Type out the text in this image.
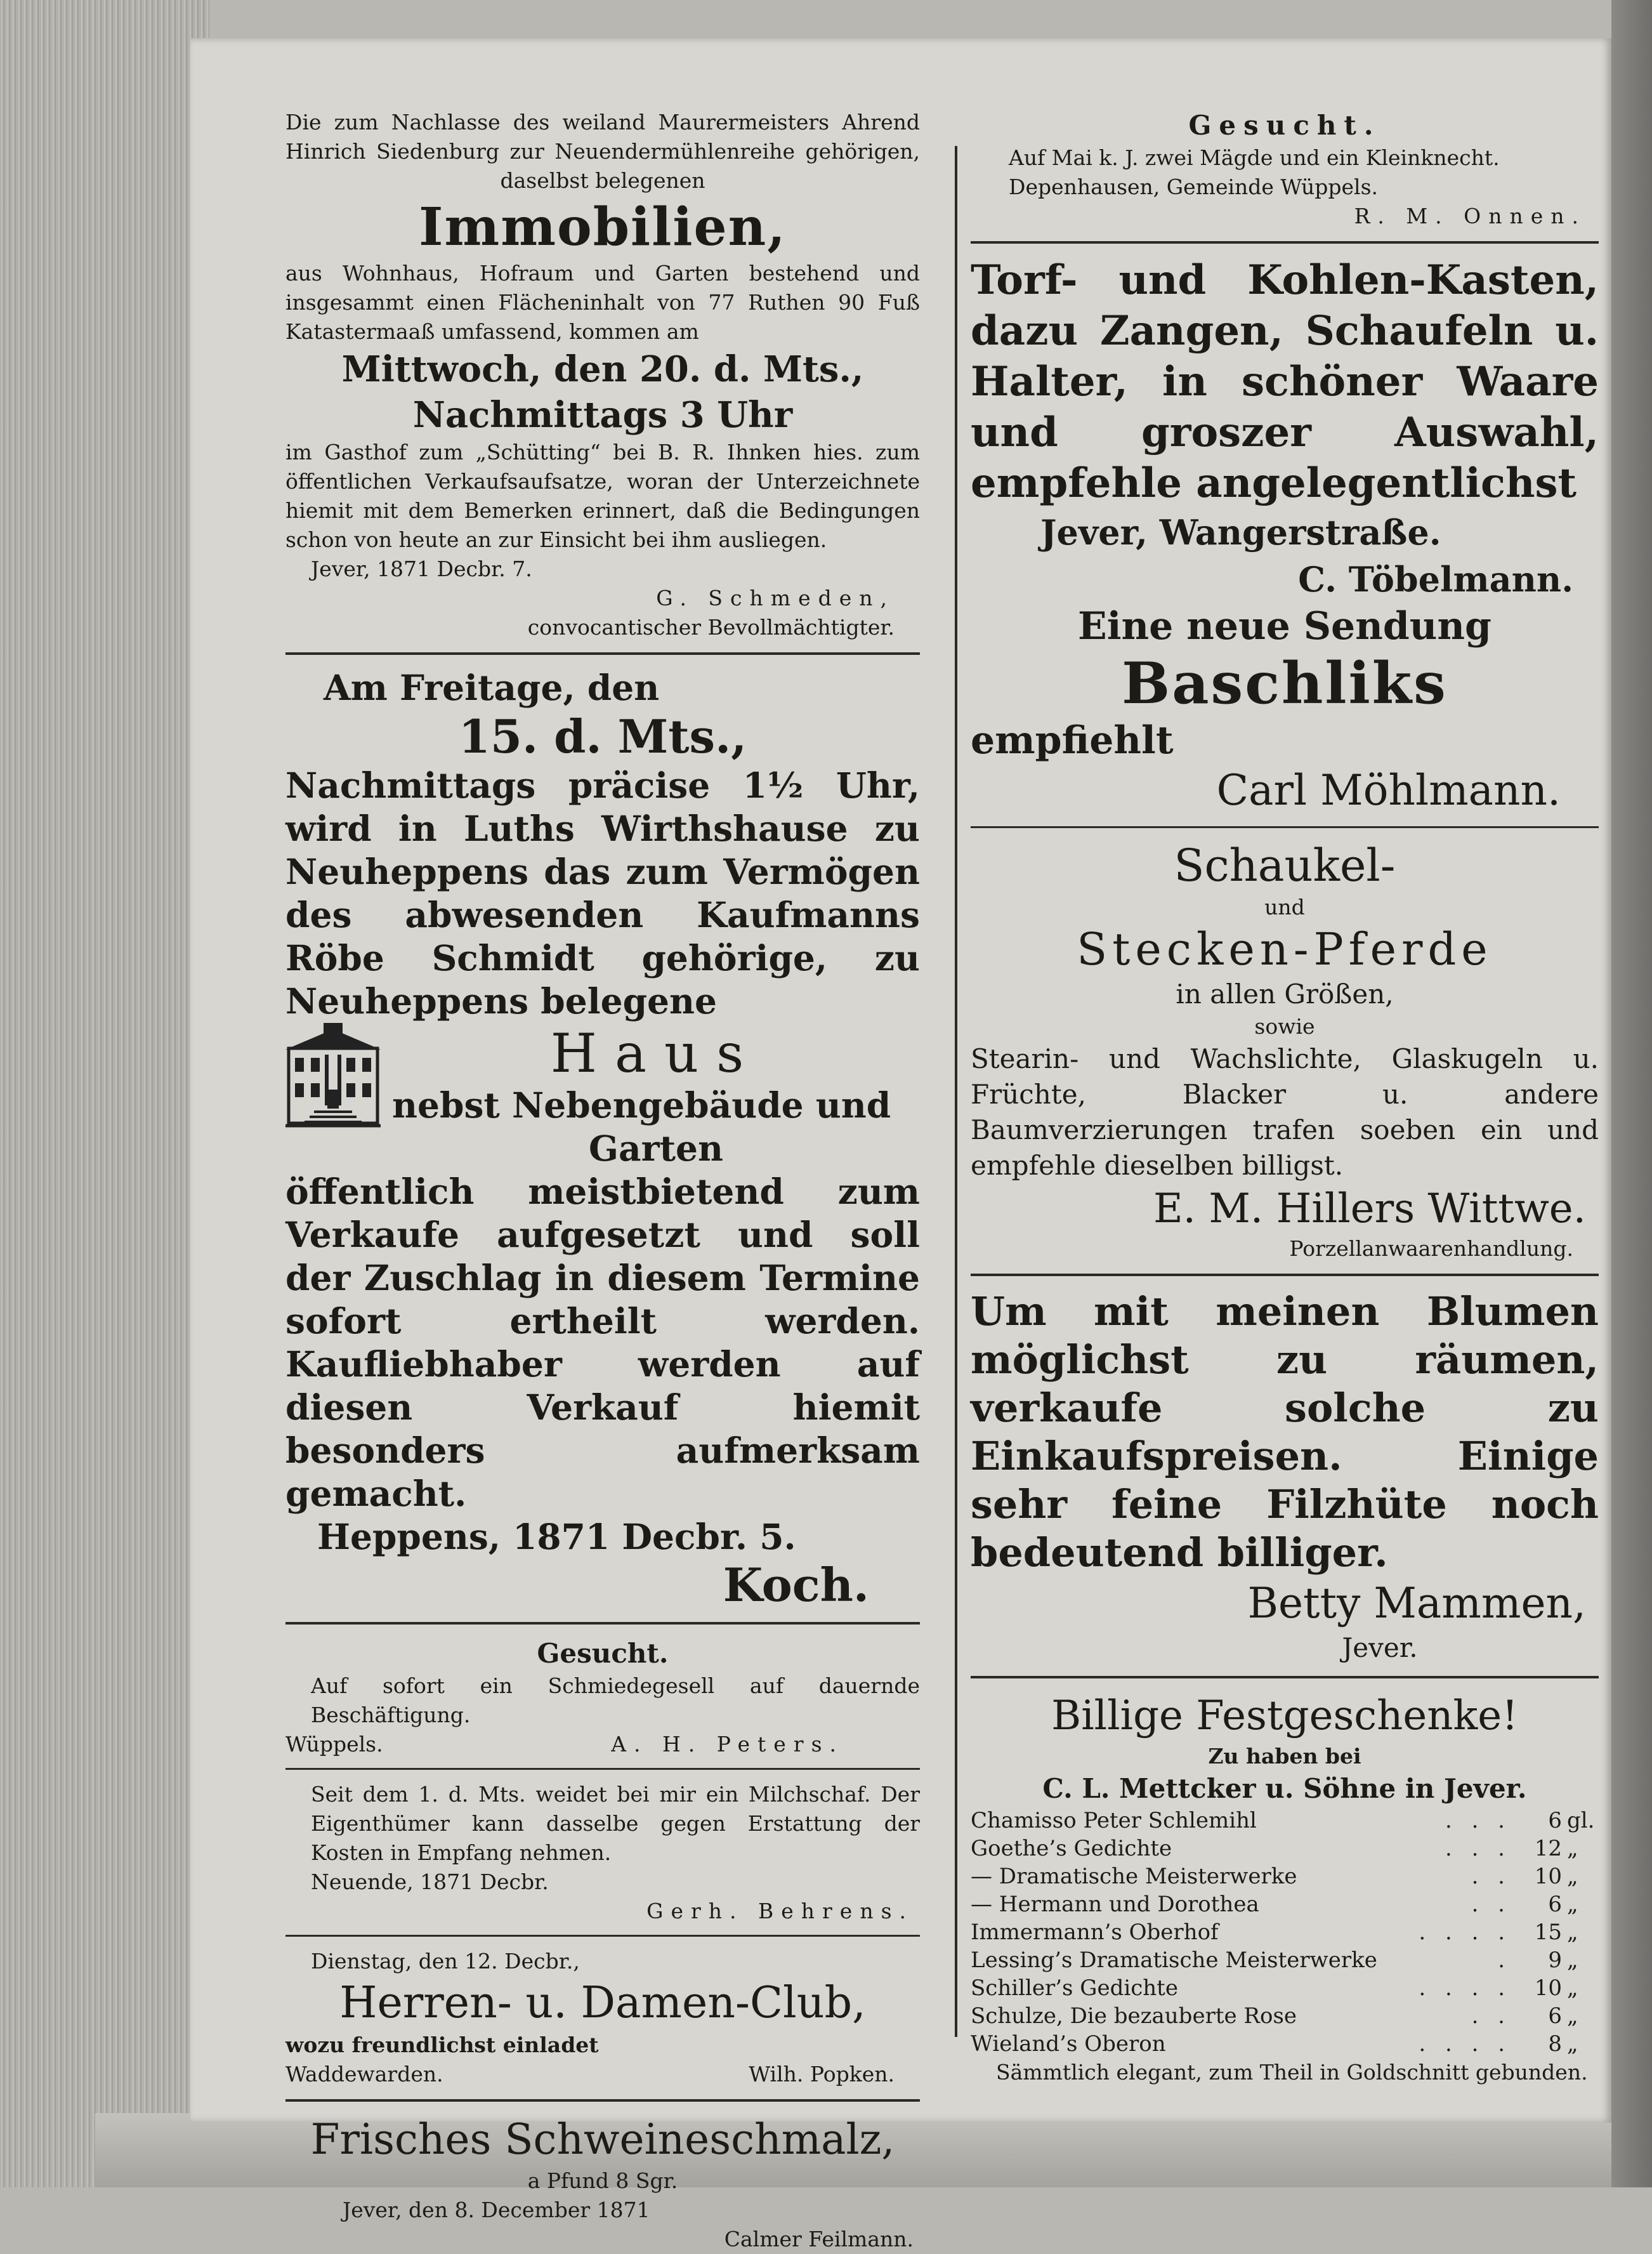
Die zum Nachlasse des weiland Maurermeisters Ahrend Hinrich Siedenburg zur Neuendermühlenreihe gehörigen, daselbst belegenen

Immobilien,

aus Wohnhaus, Hofraum und Garten bestehend und insgesammt einen Flächeninhalt von 77 Ruthen 90 Fuß Katastermaaß umfassend, kommen am

Mittwoch, den 20. d. Mts.,

Nachmittags 3 Uhr

im Gasthof zum „Schütting“ bei B. R. Ihnken hies. zum öffentlichen Verkaufsaufsatze, woran der Unterzeichnete hiemit mit dem Bemerken erinnert, daß die Bedingungen schon von heute an zur Einsicht bei ihm ausliegen.

Jever, 1871 Decbr. 7.

G. Schmeden,

convocantischer Bevollmächtigter.

Am Freitage, den

15. d. Mts.,

Nachmittags präcise 1½ Uhr, wird in Luths Wirthshause zu Neuheppens das zum Vermögen des abwesenden Kaufmanns Röbe Schmidt gehörige, zu Neuheppens belegene

Haus

nebst Nebengebäude und

Garten

öffentlich meistbietend zum Verkaufe aufgesetzt und soll der Zuschlag in diesem Termine sofort ertheilt werden. Kaufliebhaber werden auf diesen Verkauf hiemit besonders aufmerksam gemacht.

Heppens, 1871 Decbr. 5.

Koch.

Gesucht.

Auf sofort ein Schmiedegesell auf dauernde Beschäftigung.

Wüppels.	A. H. Peters.

Seit dem 1. d. Mts. weidet bei mir ein Milchschaf. Der Eigenthümer kann dasselbe gegen Erstattung der Kosten in Empfang nehmen.

Neuende, 1871 Decbr.

Gerh. Behrens.

Dienstag, den 12. Decbr.,

Herren- u. Damen-Club,

wozu freundlichst einladet

Waddewarden.	Wilh. Popken.

Frisches Schweineschmalz,

a Pfund 8 Sgr.

Jever, den 8. December 1871

Calmer Feilmann.

Gesucht.

Auf Mai k. J. zwei Mägde und ein Kleinknecht.

Depenhausen, Gemeinde Wüppels.

R. M. Onnen.

Torf- und Kohlen-Kasten, dazu Zangen, Schaufeln u. Halter, in schöner Waare und groszer Auswahl, empfehle angelegentlichst

Jever, Wangerstraße.

C. Töbelmann.

Eine neue Sendung

Baschliks

empfiehlt

Carl Möhlmann.

Schaukel-

und

Stecken-Pferde

in allen Größen,

sowie

Stearin- und Wachslichte, Glaskugeln u. Früchte, Blacker u. andere Baumverzierungen trafen soeben ein und empfehle dieselben billigst.

E. M. Hillers Wittwe.

Porzellanwaarenhandlung.

Um mit meinen Blumen möglichst zu räumen, verkaufe solche zu Einkaufspreisen. Einige sehr feine Filzhüte noch bedeutend billiger.

Betty Mammen,

Jever.

Billige Festgeschenke!

Zu haben bei

C. L. Mettcker u. Söhne in Jever.

Chamisso Peter Schlemihl	. . .	6	gl.
Goethe’s Gedichte	. . .	12	„
— Dramatische Meisterwerke	. .	10	„
— Hermann und Dorothea	. .	6	„
Immermann’s Oberhof	. . . .	15	„
Lessing’s Dramatische Meisterwerke	.	9	„
Schiller’s Gedichte	. . . .	10	„
Schulze, Die bezauberte Rose	. .	6	„
Wieland’s Oberon	. . . .	8	„

Sämmtlich elegant, zum Theil in Goldschnitt gebunden.
